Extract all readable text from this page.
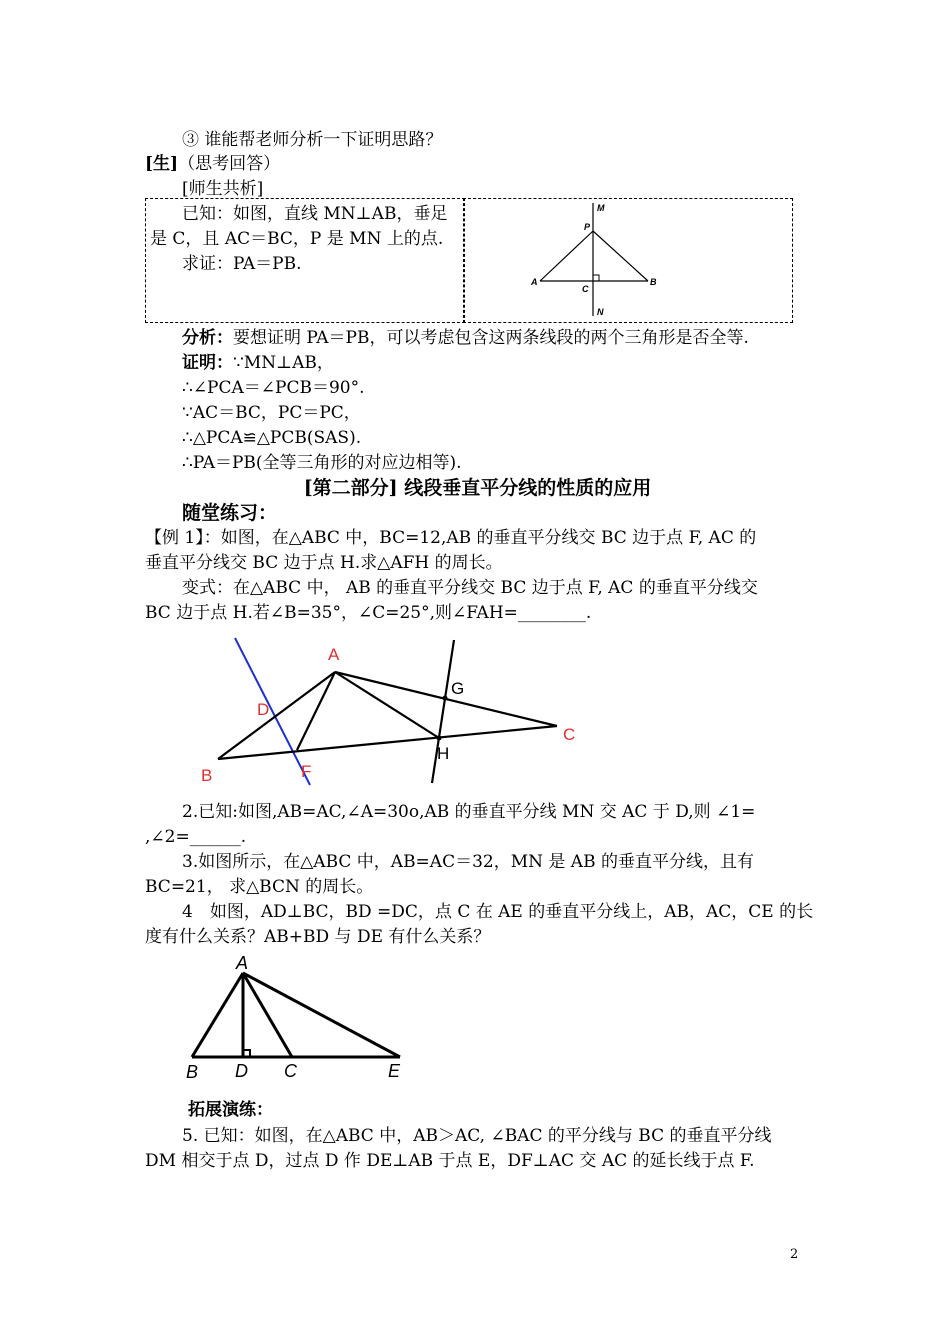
③ 谁能帮老师分析一下证明思路？
[生]（思考回答）
[师生共析]
已知：如图，直线 MN⊥AB，垂足
是 C，且 AC＝BC，P 是 MN 上的点.
求证：PA＝PB.
M
P
A
C
B
N
分析：要想证明 PA＝PB，可以考虑包含这两条线段的两个三角形是否全等.
证明：∵MN⊥AB，
∴∠PCA＝∠PCB＝90°.
∵AC＝BC，PC＝PC，
∴△PCA≌△PCB(SAS).
∴PA＝PB(全等三角形的对应边相等).
[第二部分] 线段垂直平分线的性质的应用
随堂练习：
【例 1】：如图，在△ABC 中，BC=12,AB 的垂直平分线交 BC 边于点 F, AC 的
垂直平分线交 BC 边于点 H.求△AFH 的周长。
变式：在△ABC 中， AB 的垂直平分线交 BC 边于点 F, AC 的垂直平分线交
BC 边于点 H.若∠B=35°，∠C=25°,则∠FAH=________.
A
B
C
D
F
G
H
2.已知:如图,AB=AC,∠A=30o,AB 的垂直平分线 MN 交 AC 于 D,则 ∠1=
,∠2=______.
3.如图所示，在△ABC 中，AB=AC＝32，MN 是 AB 的垂直平分线，且有
BC=21， 求△BCN 的周长。
4　如图，AD⊥BC，BD =DC，点 C 在 AE 的垂直平分线上，AB，AC，CE 的长
度有什么关系？AB+BD 与 DE 有什么关系？
A
B D C	E
拓展演练：
5. 已知：如图，在△ABC 中，AB＞AC, ∠BAC 的平分线与 BC 的垂直平分线
DM 相交于点 D，过点 D 作 DE⊥AB 于点 E，DF⊥AC 交 AC 的延长线于点 F.
2
